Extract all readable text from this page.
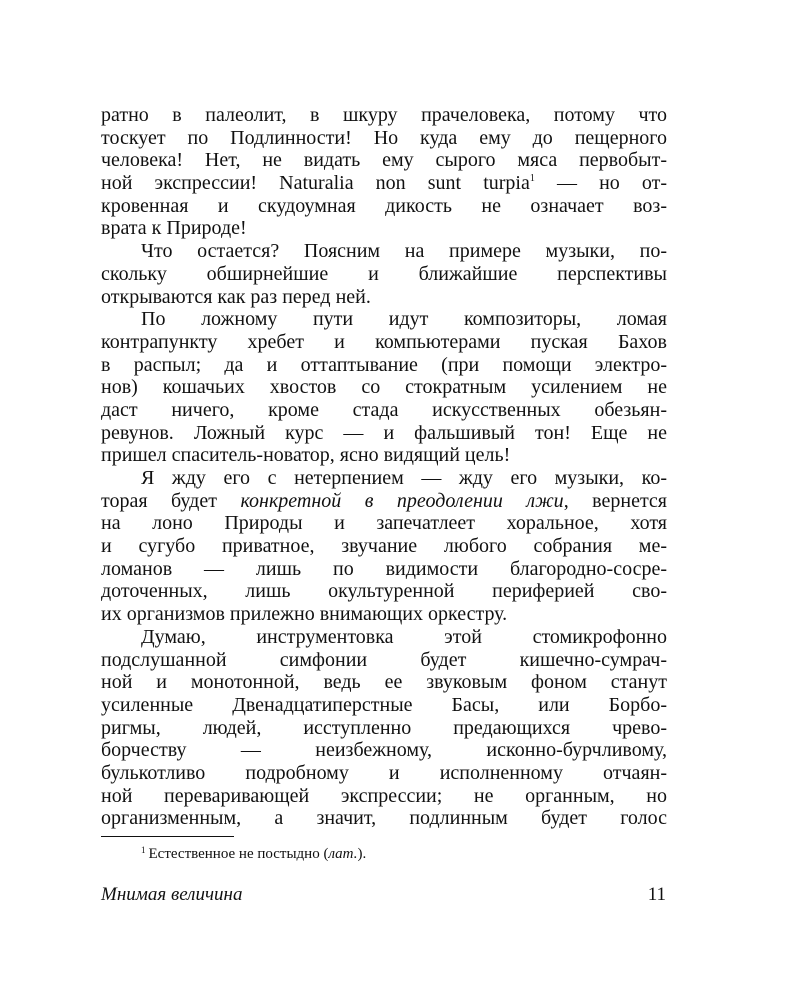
ратно в палеолит, в шкуру прачеловека, потому что
тоскует по Подлинности! Но куда ему до пещерного
человека! Нет, не видать ему сырого мяса первобыт-
ной экспрессии! Naturalia non sunt turpia$^1$ — но от-
кровенная и скудоумная дикость не означает воз-
врата к Природе!
Что остается? Поясним на примере музыки, по-
скольку обширнейшие и ближайшие перспективы
открываются как раз перед ней.
По ложному пути идут композиторы, ломая
контрапункту хребет и компьютерами пуская Бахов
в распыл; да и оттаптывание (при помощи электро-
нов) кошачьих хвостов со стократным усилением не
даст ничего, кроме стада искусственных обезьян-
ревунов. Ложный курс — и фальшивый тон! Еще не
пришел спаситель-новатор, ясно видящий цель!
Я жду его с нетерпением — жду его музыки, ко-
торая будет конкретной в преодолении лжи, вернется
на лоно Природы и запечатлеет хоральное, хотя
и сугубо приватное, звучание любого собрания ме-
ломанов — лишь по видимости благородно-сосре-
доточенных, лишь окультуренной периферией сво-
их организмов прилежно внимающих оркестру.
Думаю, инструментовка этой стомикрофонно
подслушанной симфонии будет кишечно-сумрач-
ной и монотонной, ведь ее звуковым фоном станут
усиленные Двенадцатиперстные Басы, или Борбо-
ригмы, людей, исступленно предающихся чрево-
борчеству — неизбежному, исконно-бурчливому,
булькотливо подробному и исполненному отчаян-
ной переваривающей экспрессии; не органным, но
организменным, а значит, подлинным будет голос
$^1$ Естественное не постыдно (лат.).
Мнимая величина	11
